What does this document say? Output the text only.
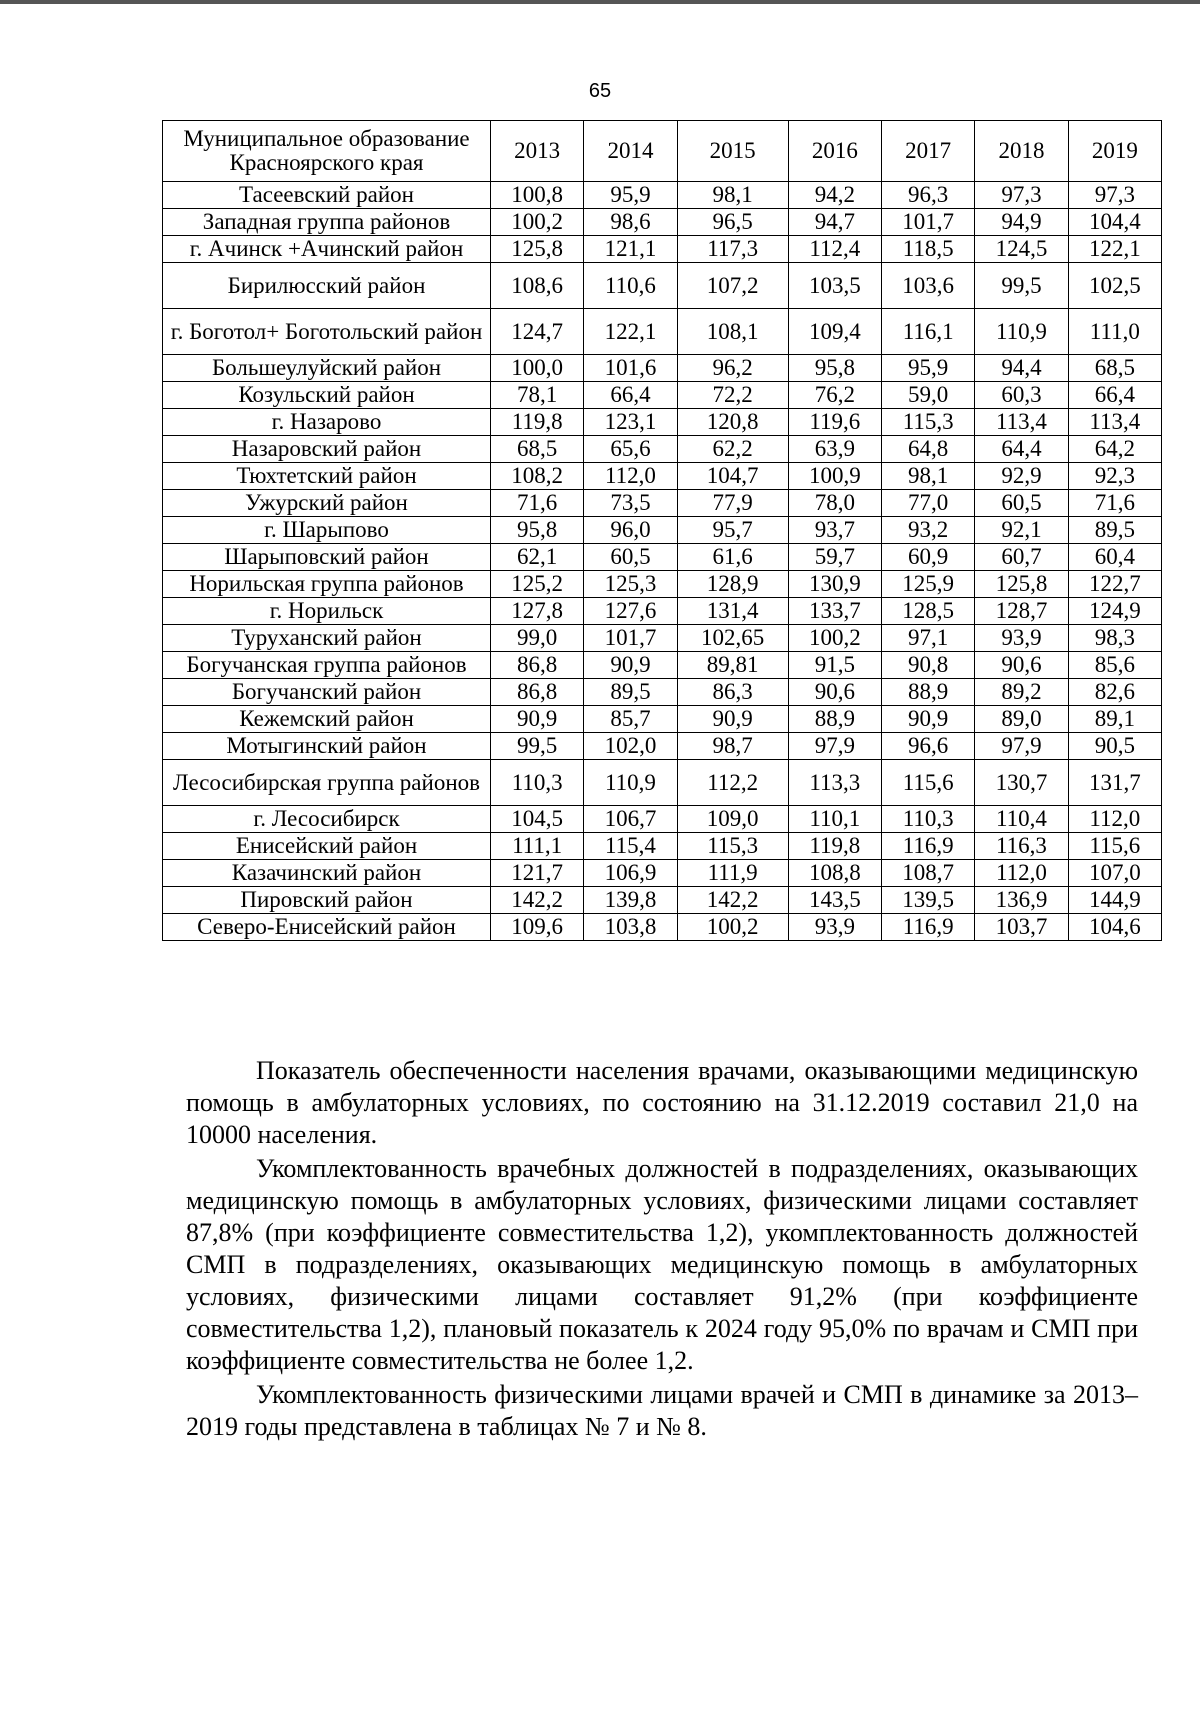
65
Муниципальное образование Красноярского края	2013	2014	2015	2016	2017	2018	2019
Тасеевский район	100,8	95,9	98,1	94,2	96,3	97,3	97,3
Западная группа районов	100,2	98,6	96,5	94,7	101,7	94,9	104,4
г. Ачинск +Ачинский район	125,8	121,1	117,3	112,4	118,5	124,5	122,1
Бирилюсский район	108,6	110,6	107,2	103,5	103,6	99,5	102,5
г. Боготол+ Боготольский район	124,7	122,1	108,1	109,4	116,1	110,9	111,0
Большеулуйский район	100,0	101,6	96,2	95,8	95,9	94,4	68,5
Козульский район	78,1	66,4	72,2	76,2	59,0	60,3	66,4
г. Назарово	119,8	123,1	120,8	119,6	115,3	113,4	113,4
Назаровский район	68,5	65,6	62,2	63,9	64,8	64,4	64,2
Тюхтетский район	108,2	112,0	104,7	100,9	98,1	92,9	92,3
Ужурский район	71,6	73,5	77,9	78,0	77,0	60,5	71,6
г. Шарыпово	95,8	96,0	95,7	93,7	93,2	92,1	89,5
Шарыповский район	62,1	60,5	61,6	59,7	60,9	60,7	60,4
Норильская группа районов	125,2	125,3	128,9	130,9	125,9	125,8	122,7
г. Норильск	127,8	127,6	131,4	133,7	128,5	128,7	124,9
Туруханский район	99,0	101,7	102,65	100,2	97,1	93,9	98,3
Богучанская группа районов	86,8	90,9	89,81	91,5	90,8	90,6	85,6
Богучанский район	86,8	89,5	86,3	90,6	88,9	89,2	82,6
Кежемский район	90,9	85,7	90,9	88,9	90,9	89,0	89,1
Мотыгинский район	99,5	102,0	98,7	97,9	96,6	97,9	90,5
Лесосибирская группа районов	110,3	110,9	112,2	113,3	115,6	130,7	131,7
г. Лесосибирск	104,5	106,7	109,0	110,1	110,3	110,4	112,0
Енисейский район	111,1	115,4	115,3	119,8	116,9	116,3	115,6
Казачинский район	121,7	106,9	111,9	108,8	108,7	112,0	107,0
Пировский район	142,2	139,8	142,2	143,5	139,5	136,9	144,9
Северо-Енисейский район	109,6	103,8	100,2	93,9	116,9	103,7	104,6

Показатель обеспеченности населения врачами, оказывающими медицинскую помощь в амбулаторных условиях, по состоянию на 31.12.2019 составил 21,0 на 10000 населения.

Укомплектованность врачебных должностей в подразделениях, оказывающих медицинскую помощь в амбулаторных условиях, физическими лицами составляет 87,8% (при коэффициенте совместительства 1,2), укомплектованность должностей СМП в подразделениях, оказывающих медицинскую помощь в амбулаторных условиях, физическими лицами составляет 91,2% (при коэффициенте совместительства 1,2), плановый показатель к 2024 году 95,0% по врачам и СМП при коэффициенте совместительства не более 1,2.

Укомплектованность физическими лицами врачей и СМП в динамике за 2013–2019 годы представлена в таблицах № 7 и № 8.
